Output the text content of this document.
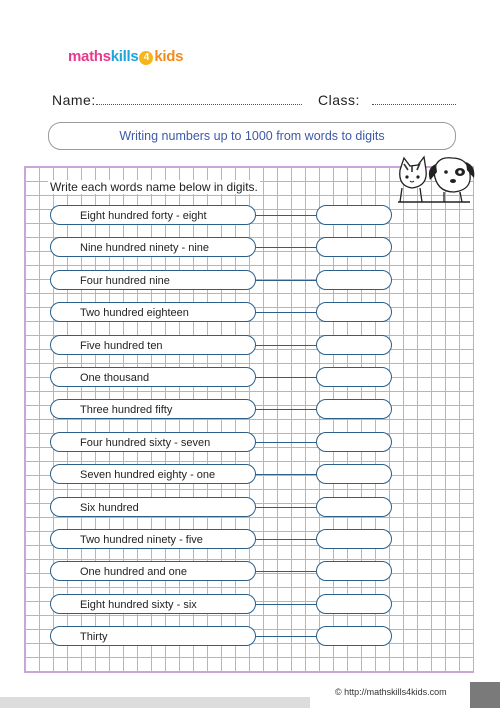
mathskills 4 kids
Name:	Class:
Writing numbers up to 1000 from words to digits
Write each words name below in digits.
Eight hundred forty - eight
Nine hundred ninety - nine
Four hundred nine
Two hundred eighteen
Five hundred ten
One thousand
Three hundred fifty
Four hundred sixty - seven
Seven hundred eighty - one
Six hundred
Two hundred ninety - five
One hundred and one
Eight hundred sixty - six
Thirty
© http://mathskills4kids.com
